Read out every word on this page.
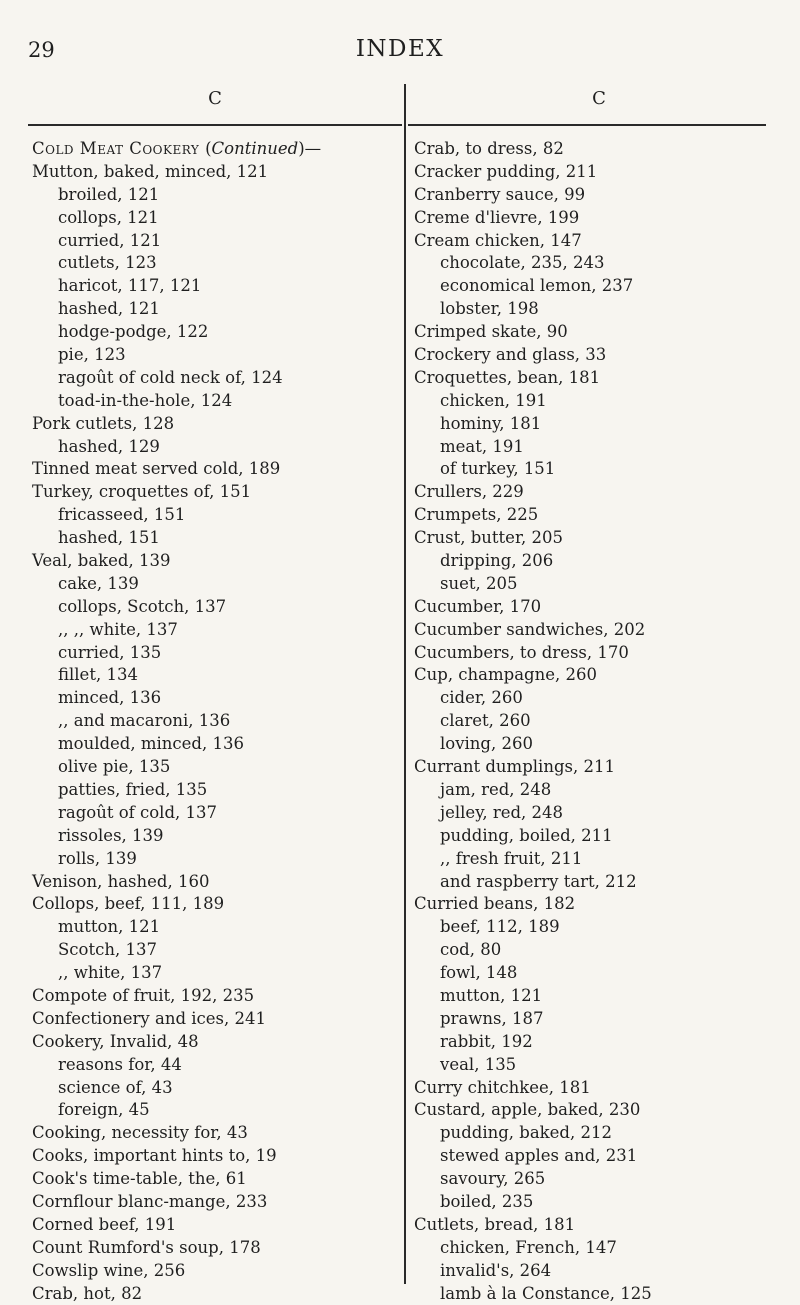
29	INDEX
C	C
Cold Meat Cookery (Continued)—
Mutton, baked, minced, 121
broiled, 121
collops, 121
curried, 121
cutlets, 123
haricot, 117, 121
hashed, 121
hodge-podge, 122
pie, 123
ragoût of cold neck of, 124
toad-in-the-hole, 124
Pork cutlets, 128
hashed, 129
Tinned meat served cold, 189
Turkey, croquettes of, 151
fricasseed, 151
hashed, 151
Veal, baked, 139
cake, 139
collops, Scotch, 137
,, ,, white, 137
curried, 135
fillet, 134
minced, 136
,, and macaroni, 136
moulded, minced, 136
olive pie, 135
patties, fried, 135
ragoût of cold, 137
rissoles, 139
rolls, 139
Venison, hashed, 160
Collops, beef, 111, 189
mutton, 121
Scotch, 137
,, white, 137
Compote of fruit, 192, 235
Confectionery and ices, 241
Cookery, Invalid, 48
reasons for, 44
science of, 43
foreign, 45
Cooking, necessity for, 43
Cooks, important hints to, 19
Cook's time-table, the, 61
Cornflour blanc-mange, 233
Corned beef, 191
Count Rumford's soup, 178
Cowslip wine, 256
Crab, hot, 82
Crab, to dress, 82
Cracker pudding, 211
Cranberry sauce, 99
Creme d'lievre, 199
Cream chicken, 147
chocolate, 235, 243
economical lemon, 237
lobster, 198
Crimped skate, 90
Crockery and glass, 33
Croquettes, bean, 181
chicken, 191
hominy, 181
meat, 191
of turkey, 151
Crullers, 229
Crumpets, 225
Crust, butter, 205
dripping, 206
suet, 205
Cucumber, 170
Cucumber sandwiches, 202
Cucumbers, to dress, 170
Cup, champagne, 260
cider, 260
claret, 260
loving, 260
Currant dumplings, 211
jam, red, 248
jelley, red, 248
pudding, boiled, 211
,, fresh fruit, 211
and raspberry tart, 212
Curried beans, 182
beef, 112, 189
cod, 80
fowl, 148
mutton, 121
prawns, 187
rabbit, 192
veal, 135
Curry chitchkee, 181
Custard, apple, baked, 230
pudding, baked, 212
stewed apples and, 231
savoury, 265
boiled, 235
Cutlets, bread, 181
chicken, French, 147
invalid's, 264
lamb à la Constance, 125
